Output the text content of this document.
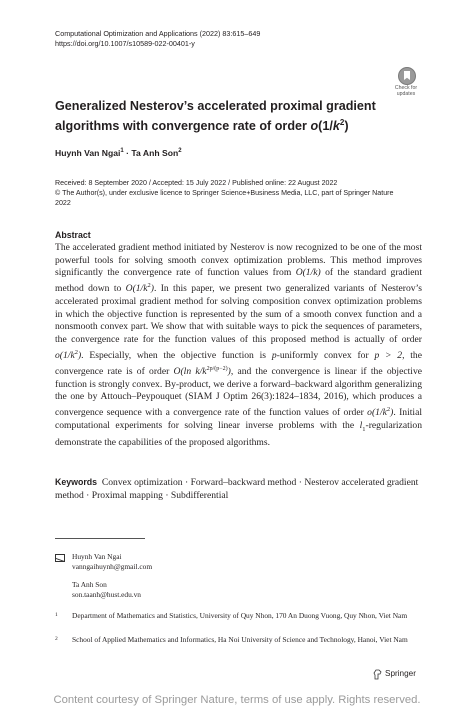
Computational Optimization and Applications (2022) 83:615–649
https://doi.org/10.1007/s10589-022-00401-y
Check for
updates
Generalized Nesterov’s accelerated proximal gradient algorithms with convergence rate of order $o(1/k^2)$
Huynh Van Ngai$^1$ · Ta Anh Son$^2$
Received: 8 September 2020 / Accepted: 15 July 2022 / Published online: 22 August 2022
© The Author(s), under exclusive licence to Springer Science+Business Media, LLC, part of Springer Nature
2022
Abstract

The accelerated gradient method initiated by Nesterov is now recognized to be one of the most powerful tools for solving smooth convex optimization problems. This method improves significantly the convergence rate of function values from O(1/k) of the standard gradient method down to $O(1/k^2)$. In this paper, we present two generalized variants of Nesterov’s accelerated proximal gradient method for solving composition convex optimization problems in which the objective function is represented by the sum of a smooth convex function and a nonsmooth convex part. We show that with suitable ways to pick the sequences of parameters, the convergence rate for the function values of this proposed method is actually of order $o(1/k^2)$. Especially, when the objective function is p-uniformly convex for p > 2, the convergence rate is of order O(ln $k/k^{2p/(p-2)}$), and the convergence is linear if the objective function is strongly convex. By-product, we derive a forward–backward algorithm generalizing the one by Attouch–Peypouquet (SIAM J Optim 26(3):1824–1834, 2016), which produces a convergence sequence with a convergence rate of the function values of order $o(1/k^2)$. Initial computational experiments for solving linear inverse problems with the $l_1$-regularization demonstrate the capabilities of the proposed algorithms.

Keywords Convex optimization · Forward–backward method · Nesterov accelerated gradient method · Proximal mapping · Subdifferential
Huynh Van Ngai
vanngaihuynh@gmail.com
Ta Anh Son
son.taanh@hust.edu.vn
1 Department of Mathematics and Statistics, University of Quy Nhon, 170 An Duong Vuong, Quy Nhon, Viet Nam
2 School of Applied Mathematics and Informatics, Ha Noi University of Science and Technology, Hanoi, Viet Nam
Springer
Content courtesy of Springer Nature, terms of use apply. Rights reserved.
